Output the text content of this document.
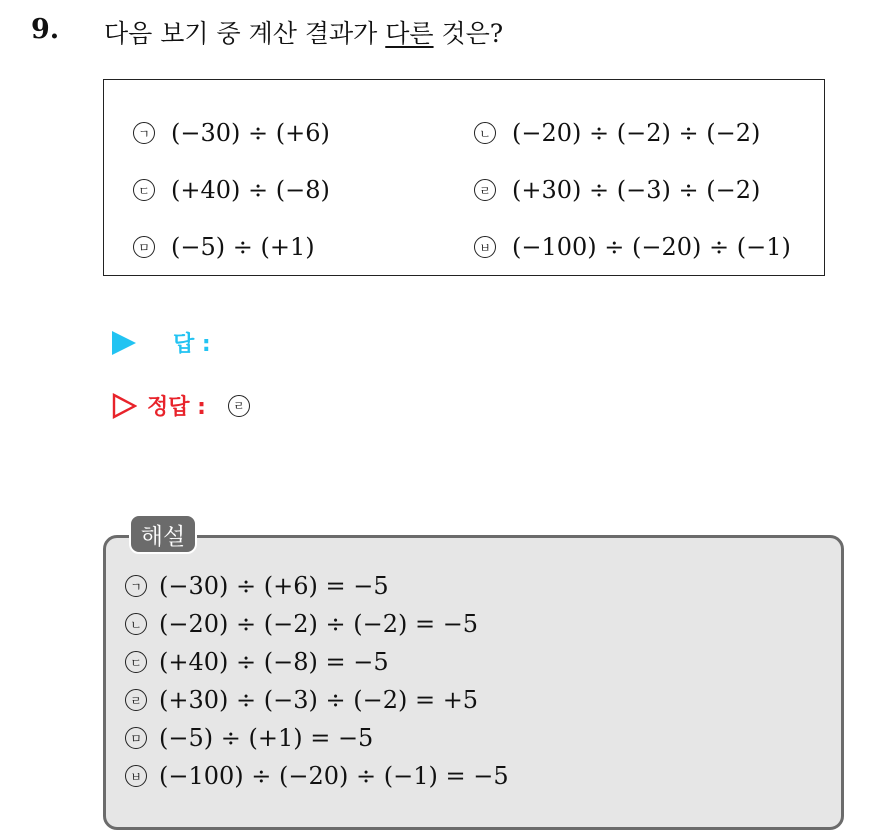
9. 다음 보기 중 계산 결과가 다른 것은?
ㄱ (−30) ÷ (+6)	ㄴ (−20) ÷ (−2) ÷ (−2)
ㄷ (+40) ÷ (−8)	ㄹ (+30) ÷ (−3) ÷ (−2)
ㅁ (−5) ÷ (+1)	ㅂ (−100) ÷ (−20) ÷ (−1)
답 :
정답 :	ㄹ
해설
ㄱ (−30) ÷ (+6) = −5
ㄴ (−20) ÷ (−2) ÷ (−2) = −5
ㄷ (+40) ÷ (−8) = −5
ㄹ (+30) ÷ (−3) ÷ (−2) = +5
ㅁ (−5) ÷ (+1) = −5
ㅂ (−100) ÷ (−20) ÷ (−1) = −5
